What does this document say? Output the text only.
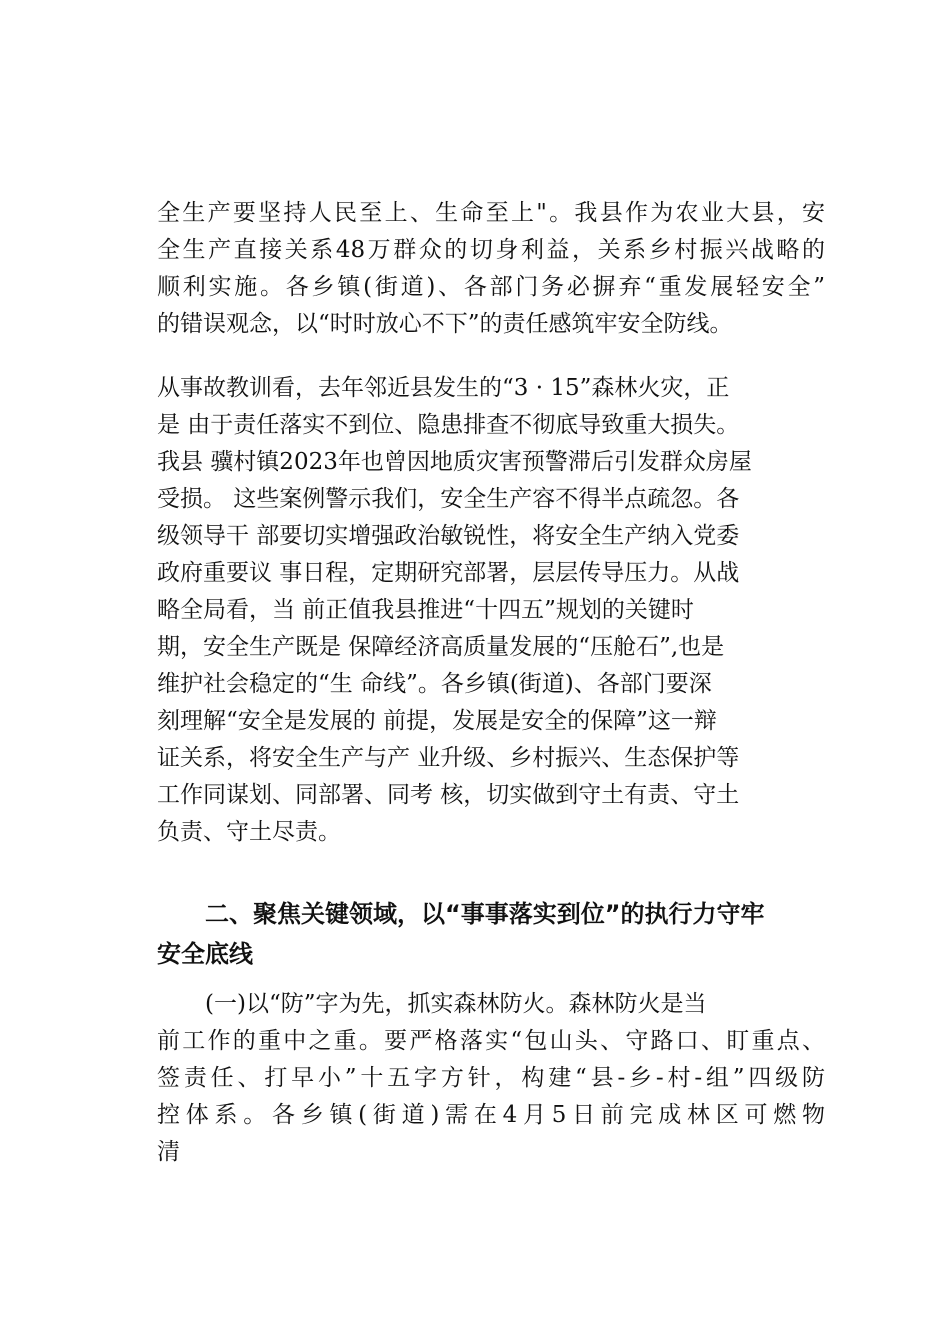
全生产要坚持人民至上、生命至上"。我县作为农业大县，安
全生产直接关系48万群众的切身利益，关系乡村振兴战略的
顺利实施。各乡镇(街道)、各部门务必摒弃“重发展轻安全”
的错误观念，以“时时放心不下”的责任感筑牢安全防线。
从事故教训看，去年邻近县发生的“3 · 15”森林火灾，正
是 由于责任落实不到位、隐患排查不彻底导致重大损失。
我县 骥村镇2023年也曾因地质灾害预警滞后引发群众房屋
受损。 这些案例警示我们，安全生产容不得半点疏忽。各
级领导干 部要切实增强政治敏锐性，将安全生产纳入党委
政府重要议 事日程，定期研究部署，层层传导压力。从战
略全局看，当 前正值我县推进“十四五”规划的关键时
期，安全生产既是 保障经济高质量发展的“压舱石”,也是
维护社会稳定的“生 命线”。各乡镇(街道)、各部门要深
刻理解“安全是发展的 前提，发展是安全的保障”这一辩
证关系，将安全生产与产 业升级、乡村振兴、生态保护等
工作同谋划、同部署、同考 核，切实做到守土有责、守土
负责、守土尽责。
二、聚焦关键领域，以“事事落实到位”的执行力守牢
安全底线
(一)以“防”字为先，抓实森林防火。森林防火是当
前工作的重中之重。要严格落实“包山头、守路口、盯重点、
签责任、打早小”十五字方针，构建“县-乡-村-组”四级防
控体系。各乡镇(街道)需在4月5日前完成林区可燃物
清
